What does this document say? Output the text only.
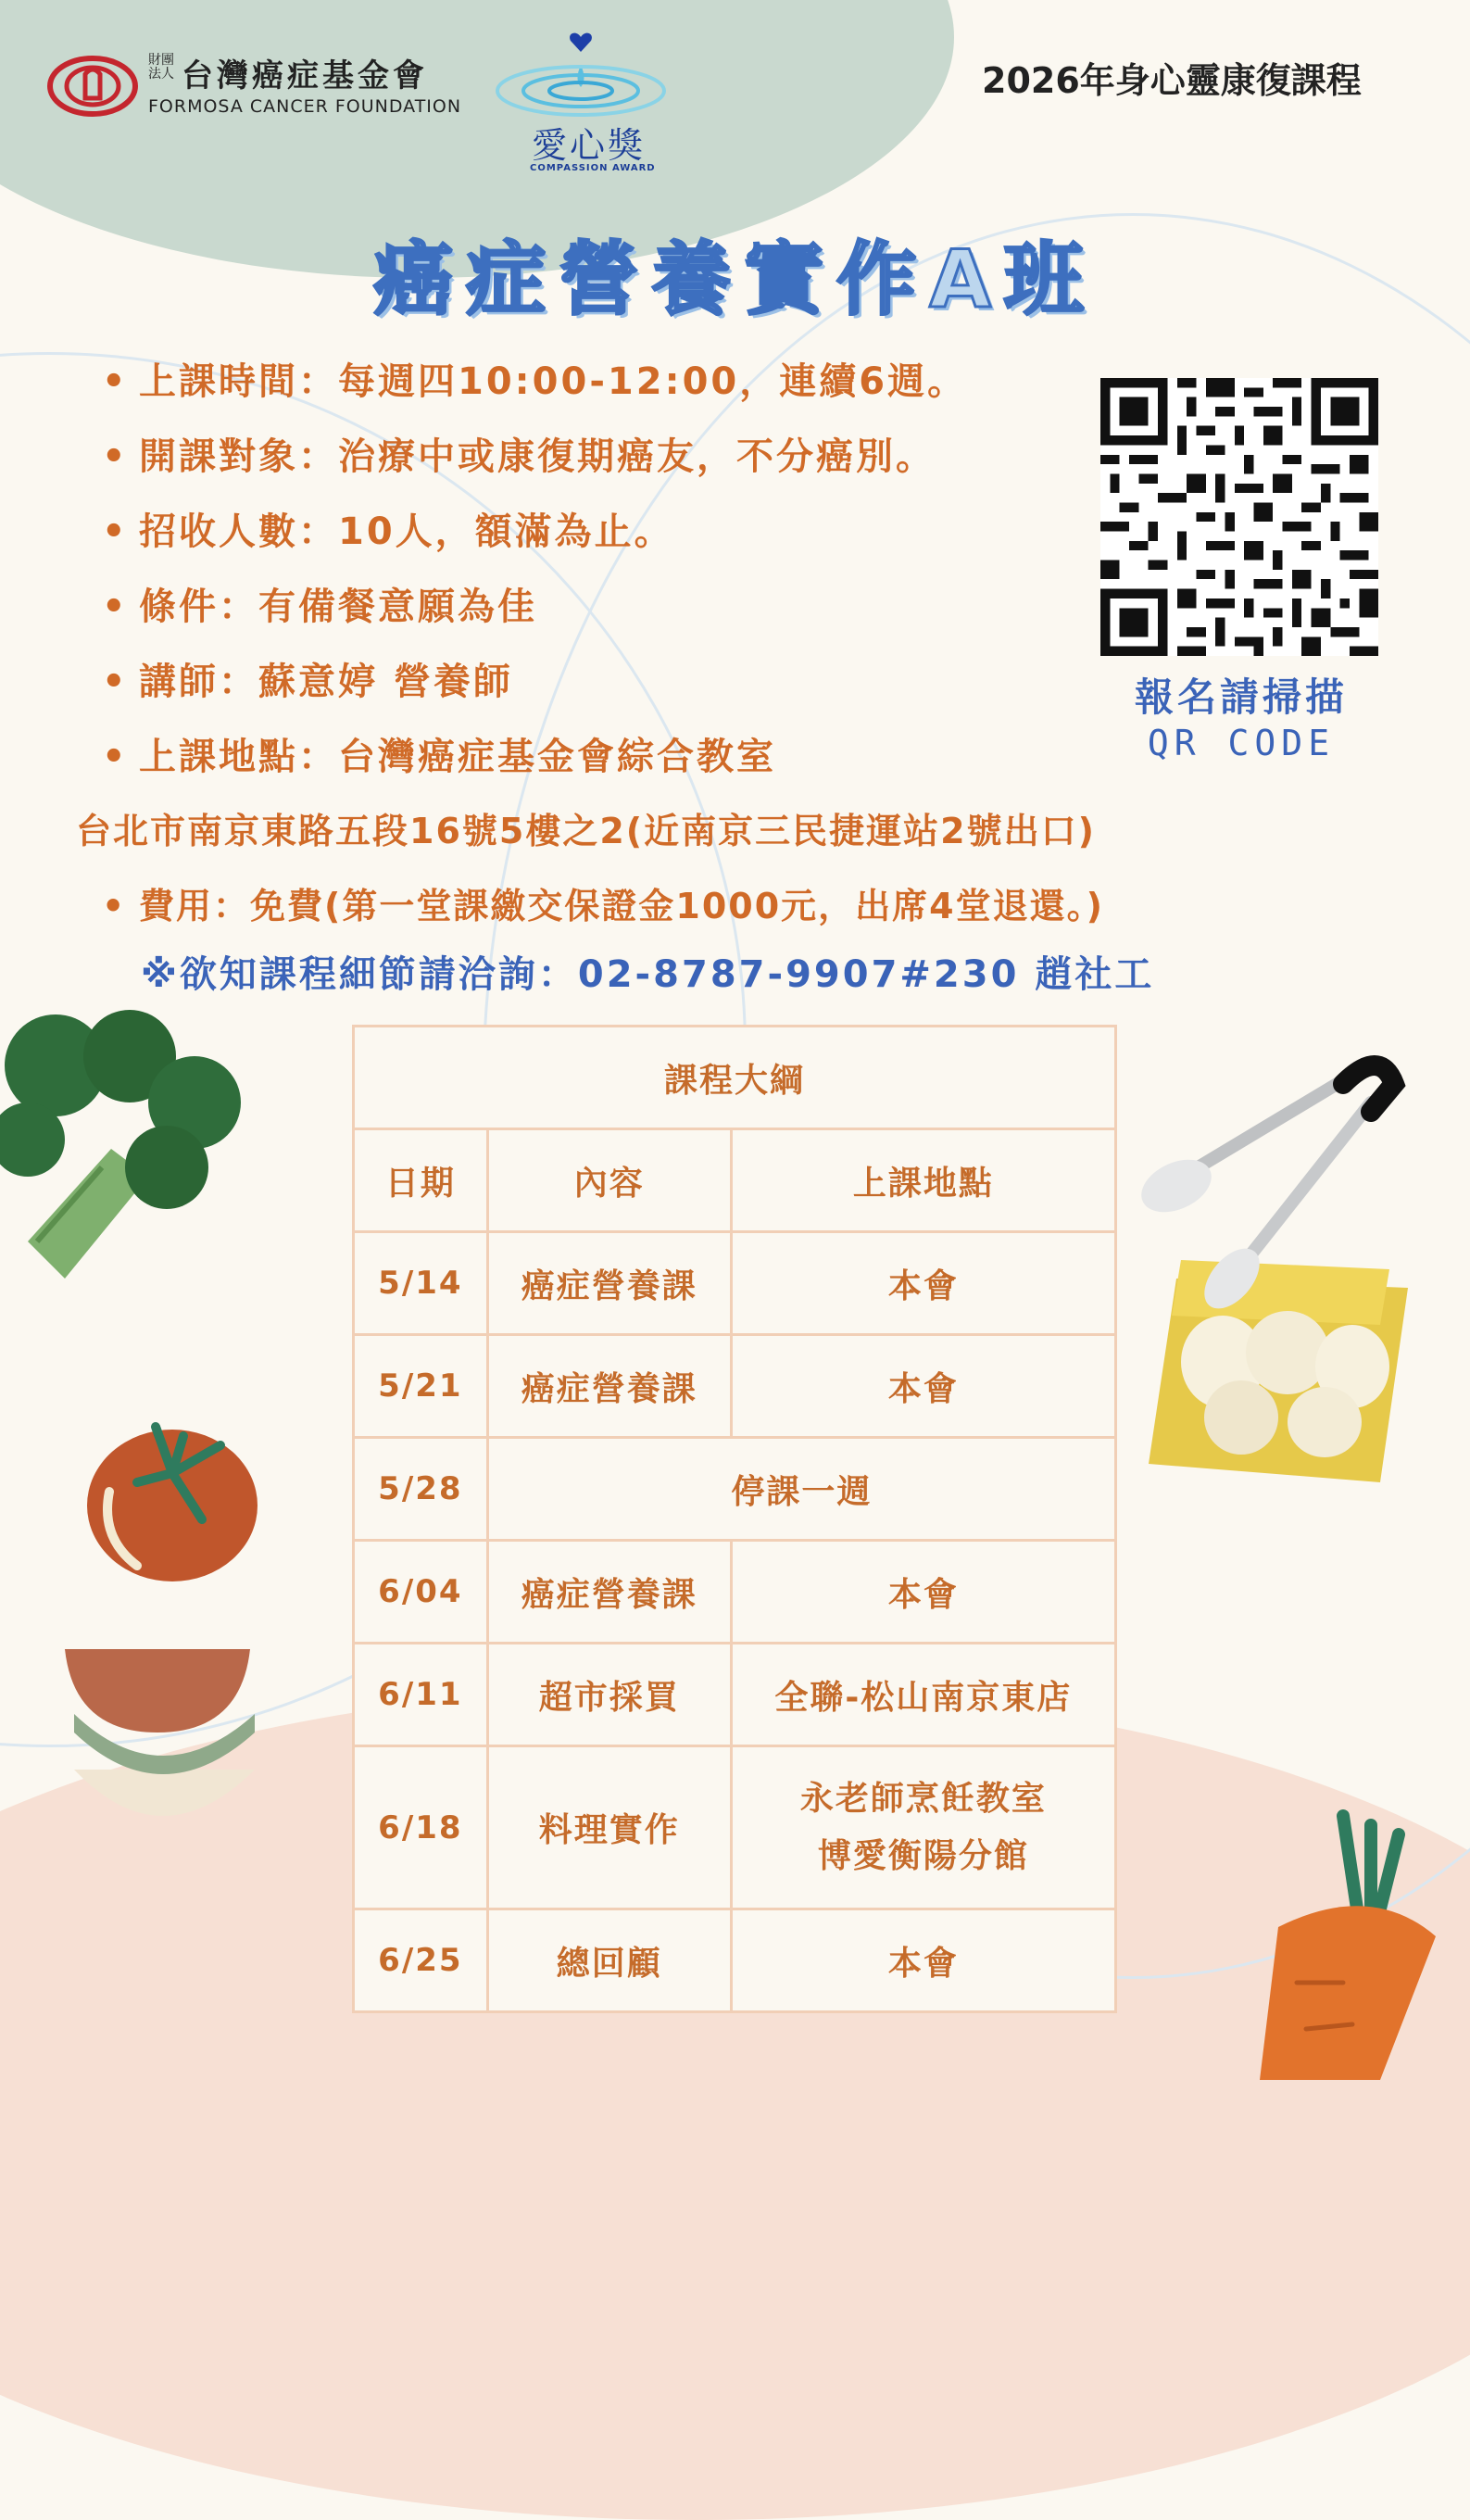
財團
法人 台灣癌症基金會
FORMOSA CANCER FOUNDATION
愛心獎
COMPASSION AWARD
2026年身心靈康復課程
癌症營養實作A班
• 上課時間：每週四10:00-12:00，連續6週。
• 開課對象：治療中或康復期癌友，不分癌別。
• 招收人數：10人，額滿為止。
• 條件：有備餐意願為佳
• 講師：蘇意婷 營養師
• 上課地點：台灣癌症基金會綜合教室
台北市南京東路五段16號5樓之2(近南京三民捷運站2號出口)
• 費用：免費(第一堂課繳交保證金1000元，出席4堂退還。)
※欲知課程細節請洽詢：02-8787-9907#230 趙社工
報名請掃描
QR CODE
課程大綱		
日期	內容	上課地點
5/14	癌症營養課	本會
5/21	癌症營養課	本會
5/28	停課一週	
6/04	癌症營養課	本會
6/11	超市採買	全聯-松山南京東店
6/18	料理實作	永老師烹飪教室
博愛衡陽分館

6/25	總回顧	本會
